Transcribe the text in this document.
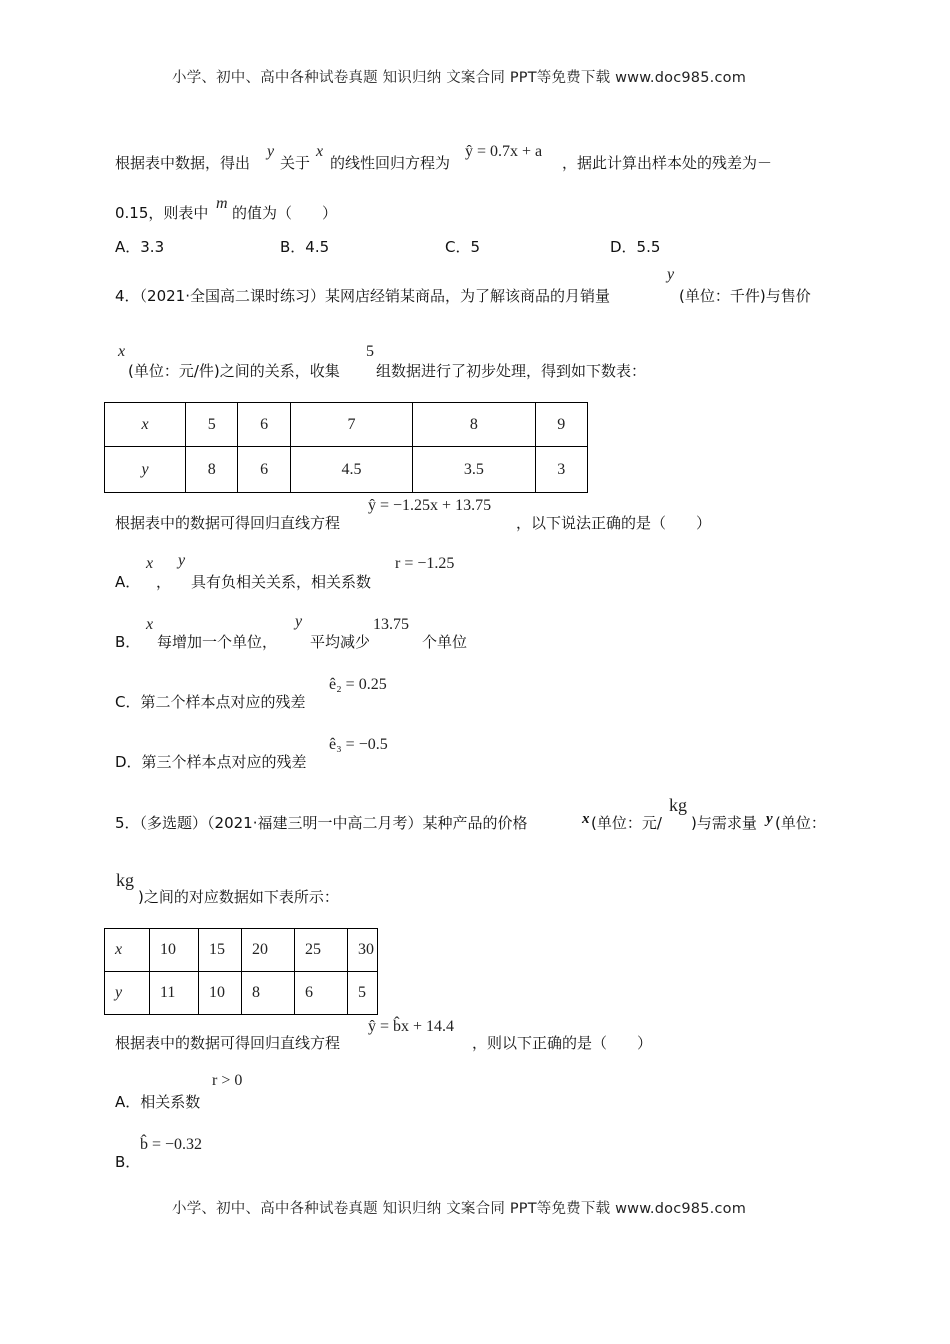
小学、初中、高中各种试卷真题 知识归纳 文案合同 PPT等免费下载 www.doc985.com
根据表中数据，得出
y
关于
x
的线性回归方程为
ŷ = 0.7x + a
，据此计算出样本处的残差为－
0.15，则表中
m
的值为（　　）
A．3.3	B．4.5	C．5	D．5.5
4．（2021·全国高二课时练习）某网店经销某商品，为了解该商品的月销量
y
(单位：千件)与售价
x
(单位：元/件)之间的关系，收集
5
组数据进行了初步处理，得到如下数表：
x	5	6	7	8	9
y	8	6	4.5	3.5	3
根据表中的数据可得回归直线方程
ŷ = −1.25x + 13.75
，以下说法正确的是（　　）
A．
x
，
y
具有负相关关系，相关系数
r = −1.25
B．
x
每增加一个单位，
y
平均减少
13.75
个单位
C．第二个样本点对应的残差
ê₂ = 0.25
D．第三个样本点对应的残差
ê₃ = −0.5
5．（多选题）（2021·福建三明一中高二月考）某种产品的价格	x (单位：元/
kg
)与需求量 y (单位：
kg
)之间的对应数据如下表所示：
x	10	15	20	25	30
y	11	10	8	6	5
根据表中的数据可得回归直线方程
ŷ = b̂x + 14.4
，则以下正确的是（　　）
A．相关系数
r > 0
B．
b̂ = −0.32
小学、初中、高中各种试卷真题 知识归纳 文案合同 PPT等免费下载 www.doc985.com
